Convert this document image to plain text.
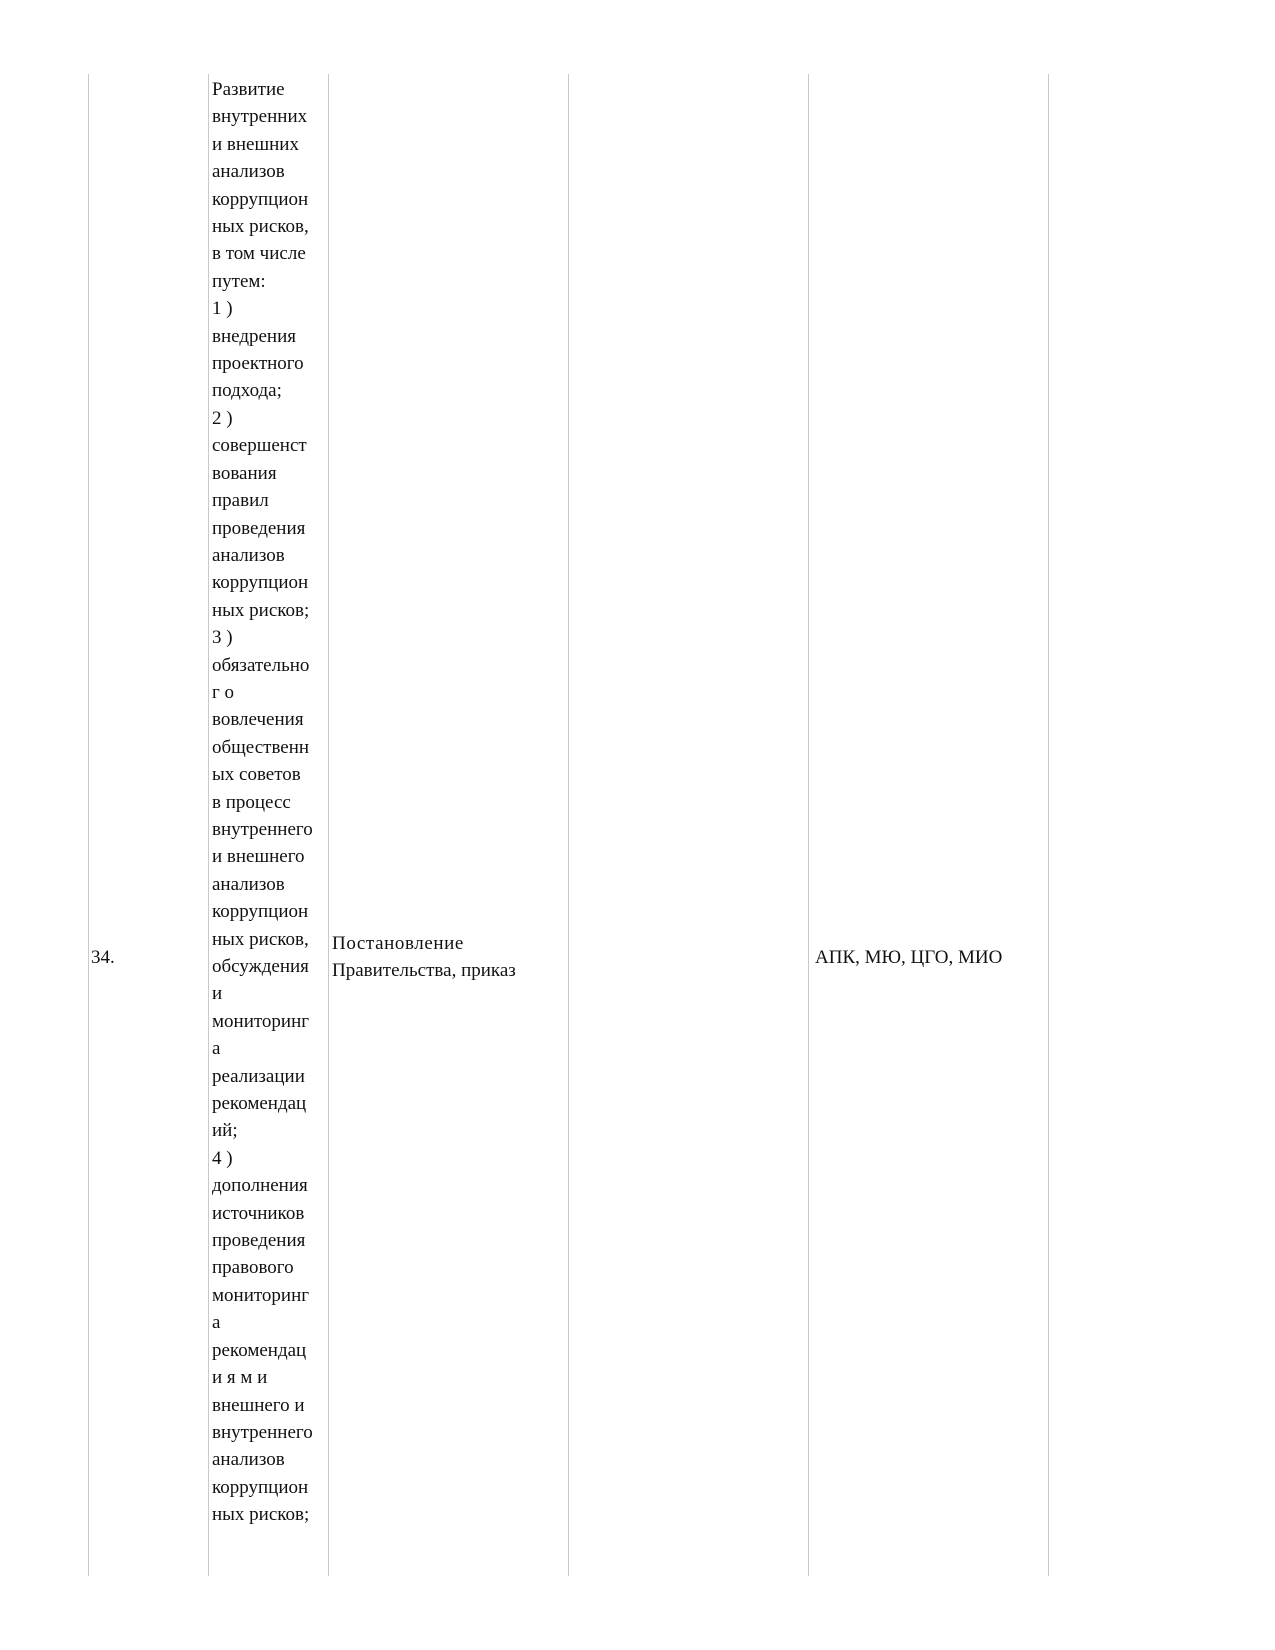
34.
Развитие
внутренних
и внешних
анализов
коррупцион
ных рисков,
в том числе
путем:
1 )
внедрения
проектного
подхода;
2 )
совершенст
вования
правил
проведения
анализов
коррупцион
ных рисков;
3 )
обязательно
г о
вовлечения
общественн
ых советов
в процесс
внутреннего
и внешнего
анализов
коррупцион
ных рисков,
обсуждения
и
мониторинг
а
реализации
рекомендац
ий;
4 )
дополнения
источников
проведения
правового
мониторинг
а
рекомендац
и я м и
внешнего и
внутреннего
анализов
коррупцион
ных рисков;
Постановление
Правительства, приказ
АПК, МЮ, ЦГО, МИО
